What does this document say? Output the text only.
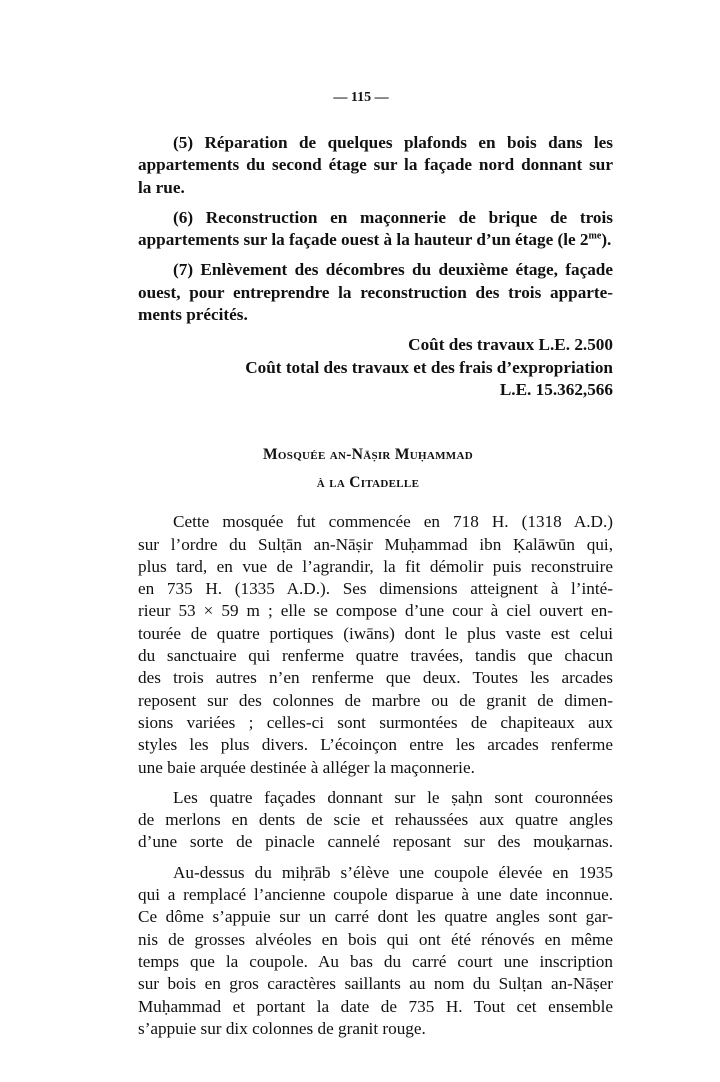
— 115 —
(5) Réparation de quelques plafonds en bois dans les
appartements du second étage sur la façade nord donnant sur
la rue.
(6) Reconstruction en maçonnerie de brique de trois
appartements sur la façade ouest à la hauteur d’un étage (le $2^{me}$).
(7) Enlèvement des décombres du deuxième étage, façade
ouest, pour entreprendre la reconstruction des trois apparte-
ments précités.

Coût des travaux L.E. 2.500

Coût total des travaux et des frais d’expropriation

L.E. 15.362,566

Mosquée an-Nāṣir Muḥammad
à la Citadelle
Cette mosquée fut commencée en 718 H. (1318 A.D.)
sur l’ordre du Sulṭān an-Nāṣir Muḥammad ibn Ḳalāwūn qui,
plus tard, en vue de l’agrandir, la fit démolir puis reconstruire
en 735 H. (1335 A.D.). Ses dimensions atteignent à l’inté-
rieur 53 × 59 m ; elle se compose d’une cour à ciel ouvert en-
tourée de quatre portiques (iwāns) dont le plus vaste est celui
du sanctuaire qui renferme quatre travées, tandis que chacun
des trois autres n’en renferme que deux. Toutes les arcades
reposent sur des colonnes de marbre ou de granit de dimen-
sions variées ; celles-ci sont surmontées de chapiteaux aux
styles les plus divers. L’écoinçon entre les arcades renferme
une baie arquée destinée à alléger la maçonnerie.
Les quatre façades donnant sur le ṣaḥn sont couronnées
de merlons en dents de scie et rehaussées aux quatre angles
d’une sorte de pinacle cannelé reposant sur des mouḳarnas.
Au-dessus du miḥrāb s’élève une coupole élevée en 1935
qui a remplacé l’ancienne coupole disparue à une date inconnue.
Ce dôme s’appuie sur un carré dont les quatre angles sont gar-
nis de grosses alvéoles en bois qui ont été rénovés en même
temps que la coupole. Au bas du carré court une inscription
sur bois en gros caractères saillants au nom du Sulṭan an-Nāṣer
Muḥammad et portant la date de 735 H. Tout cet ensemble
s’appuie sur dix colonnes de granit rouge.
